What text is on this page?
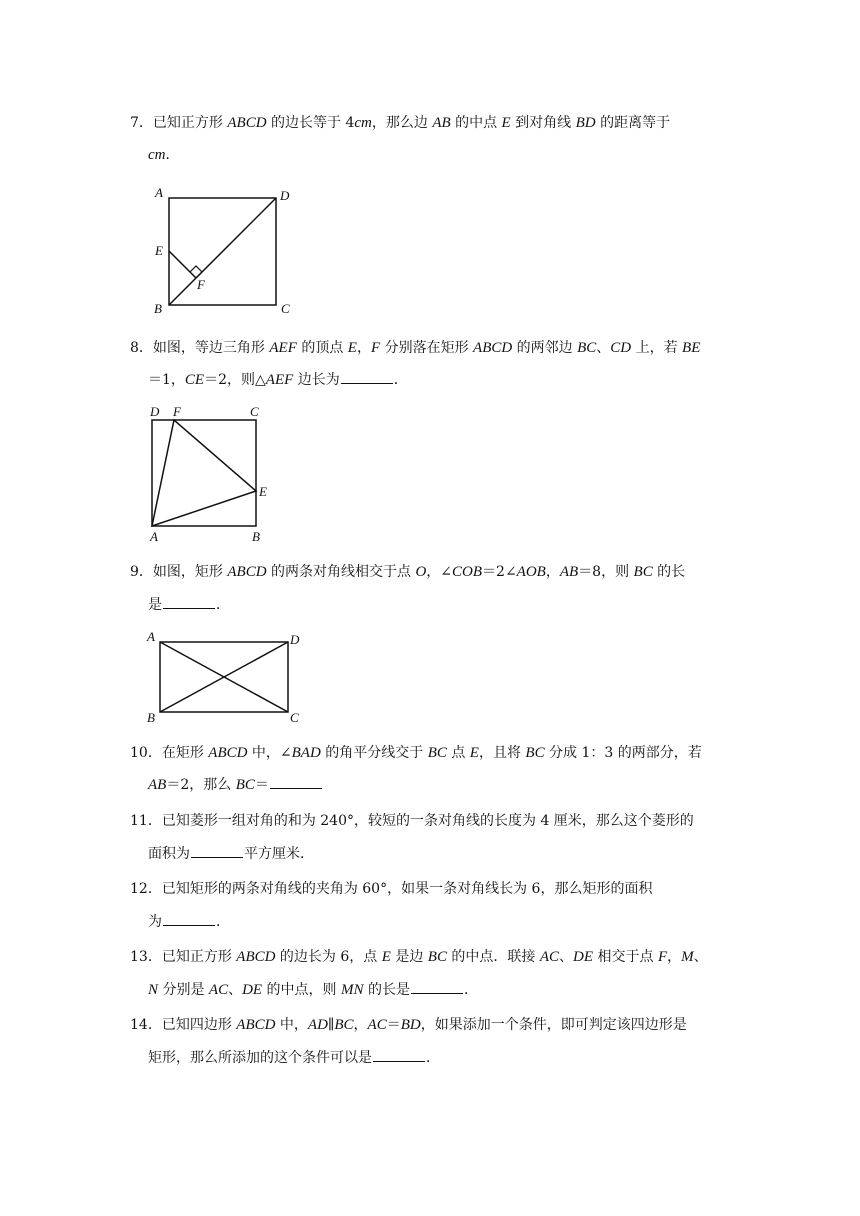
7．已知正方形 ABCD 的边长等于 4cm，那么边 AB 的中点 E 到对角线 BD 的距离等于
cm．
A	D
E
F
B	C
8．如图，等边三角形 AEF 的顶点 E，F 分别落在矩形 ABCD 的两邻边 BC、CD 上，若 BE
＝1，CE＝2，则△AEF 边长为	．
D F	C
E
A	B
9．如图，矩形 ABCD 的两条对角线相交于点 O，∠COB＝2∠AOB，AB＝8，则 BC 的长
是	．
A	D
B	C
10．在矩形 ABCD 中，∠BAD 的角平分线交于 BC 点 E，且将 BC 分成 1：3 的两部分，若
AB＝2，那么 BC＝
11．已知菱形一组对角的和为 240°，较短的一条对角线的长度为 4 厘米，那么这个菱形的
面积为	平方厘米．
12．已知矩形的两条对角线的夹角为 60°，如果一条对角线长为 6，那么矩形的面积
为	．
13．已知正方形 ABCD 的边长为 6，点 E 是边 BC 的中点．联接 AC、DE 相交于点 F，M、
N 分别是 AC、DE 的中点，则 MN 的长是	．
14．已知四边形 ABCD 中，AD∥BC，AC＝BD，如果添加一个条件，即可判定该四边形是
矩形，那么所添加的这个条件可以是	．
